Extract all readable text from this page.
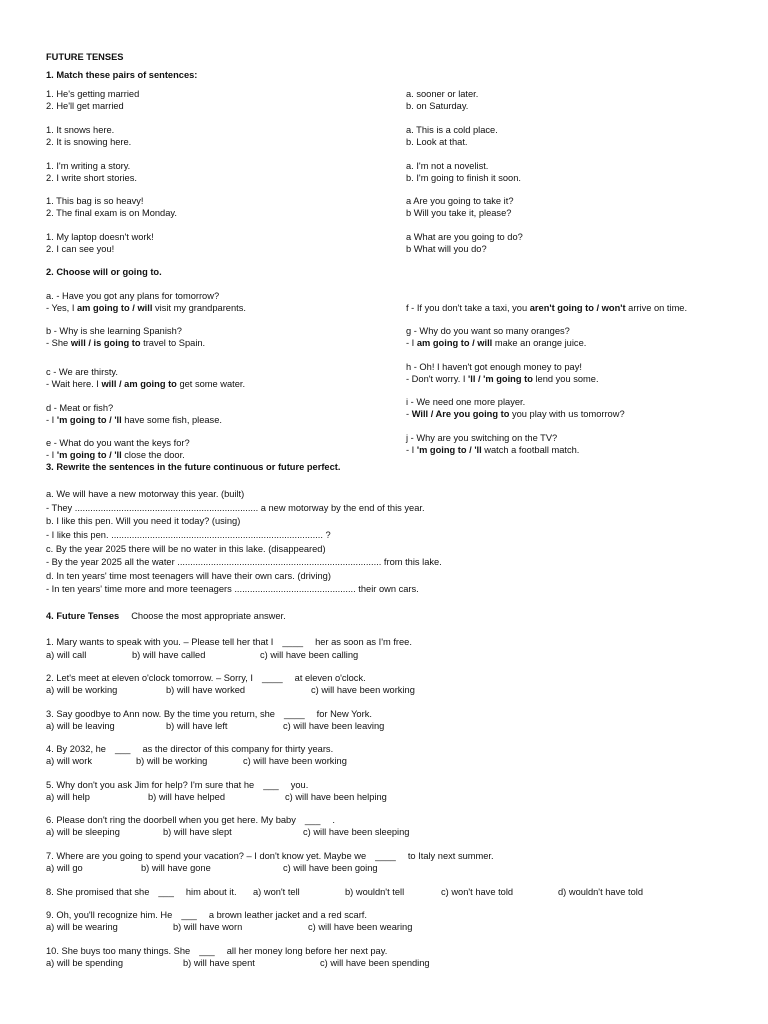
FUTURE TENSES
1. Match these pairs of sentences:
1. He's getting married
2. He'll get married
a. sooner or later.
b. on Saturday.
1. It snows here.
2. It is snowing here.
a. This is a cold place.
b. Look at that.
1. I'm writing a story.
2. I write short stories.
a. I'm not a novelist.
b. I'm going to finish it soon.
1. This bag is so heavy!
2. The final exam is on Monday.
a Are you going to take it?
b Will you take it, please?
1. My laptop doesn't work!
2. I can see you!
a What are you going to do?
b What will you do?
2. Choose will or going to.
a. - Have you got any plans for tomorrow?
- Yes, I am going to / will visit my grandparents.
b - Why is she learning Spanish?
- She will / is going to travel to Spain.
c - We are thirsty.
- Wait here. I will / am going to get some water.
d - Meat or fish?
- I 'm going to / 'll have some fish, please.
e - What do you want the keys for?
- I 'm going to / 'll close the door.
f - If you don't take a taxi, you aren't going to / won't arrive on time.
g - Why do you want so many oranges?
- I am going to / will make an orange juice.
h - Oh! I haven't got enough money to pay!
- Don't worry. I 'll / 'm going to lend you some.
i - We need one more player.
- Will / Are you going to you play with us tomorrow?
j - Why are you switching on the TV?
- I 'm going to / 'll watch a football match.
3. Rewrite the sentences in the future continuous or future perfect.
a. We will have a new motorway this year. (built)
- They ....................................................................... a new motorway by the end of this year.
b. I like this pen. Will you need it today? (using)
- I like this pen. .................................................................................. ?
c. By the year 2025 there will be no water in this lake. (disappeared)
- By the year 2025 all the water ............................................................................... from this lake.
d. In ten years' time most teenagers will have their own cars. (driving)
- In ten years' time more and more teenagers ............................................... their own cars.
4. Future Tenses Choose the most appropriate answer.
1. Mary wants to speak with you. – Please tell her that I ____ her as soon as I'm free.
a) will call	b) will have called	c) will have been calling
2. Let's meet at eleven o'clock tomorrow. – Sorry, I ____ at eleven o'clock.
a) will be working	b) will have worked	c) will have been working
3. Say goodbye to Ann now. By the time you return, she ____ for New York.
a) will be leaving	b) will have left	c) will have been leaving
4. By 2032, he ___ as the director of this company for thirty years.
a) will work	b) will be working	c) will have been working
5. Why don't you ask Jim for help? I'm sure that he ___ you.
a) will help	b) will have helped	c) will have been helping
6. Please don't ring the doorbell when you get here. My baby ___ .
a) will be sleeping	b) will have slept	c) will have been sleeping
7. Where are you going to spend your vacation? – I don't know yet. Maybe we ____ to Italy next summer.
a) will go	b) will have gone	c) will have been going
8. She promised that she ___ him about it. a) won't tell	b) wouldn't tell	c) won't have told	d) wouldn't have told
9. Oh, you'll recognize him. He ___ a brown leather jacket and a red scarf.
a) will be wearing	b) will have worn	c) will have been wearing
10. She buys too many things. She ___ all her money long before her next pay.
a) will be spending	b) will have spent	c) will have been spending
